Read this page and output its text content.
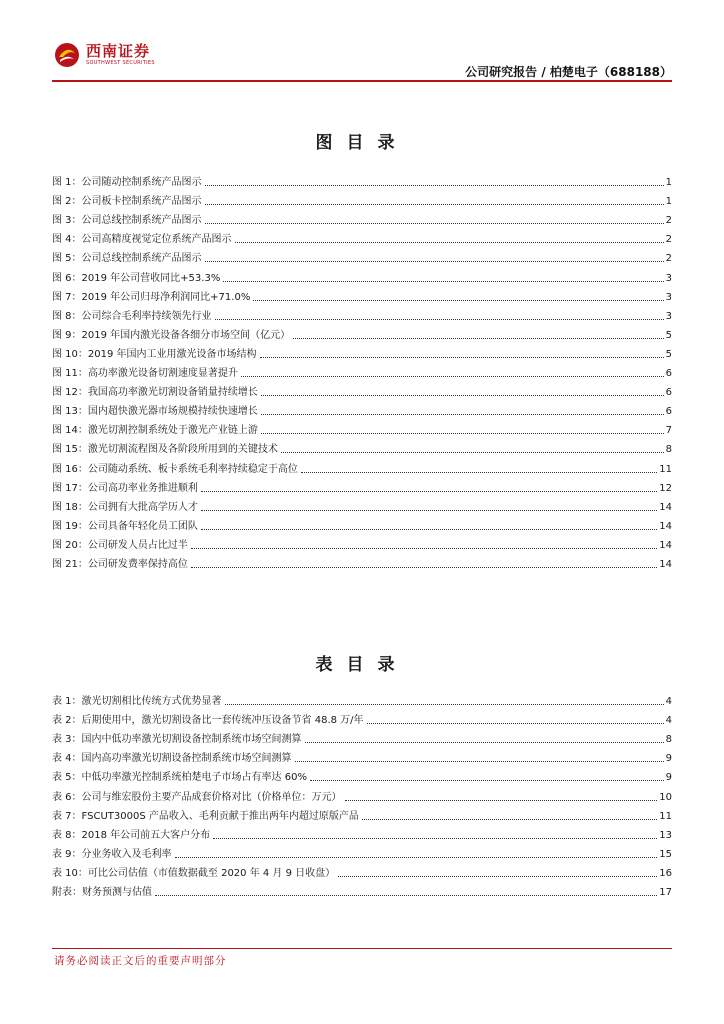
西南证券
SOUTHWEST SECURITIES
公司研究报告 / 柏楚电子（688188）
图目录
图 1：公司随动控制系统产品图示	1
图 2：公司板卡控制系统产品图示	1
图 3：公司总线控制系统产品图示	2
图 4：公司高精度视觉定位系统产品图示	2
图 5：公司总线控制系统产品图示	2
图 6：2019 年公司营收同比+53.3%	3
图 7：2019 年公司归母净利润同比+71.0%	3
图 8：公司综合毛利率持续领先行业	3
图 9：2019 年国内激光设备各细分市场空间（亿元）	5
图 10：2019 年国内工业用激光设备市场结构	5
图 11：高功率激光设备切割速度显著提升	6
图 12：我国高功率激光切割设备销量持续增长	6
图 13：国内超快激光器市场规模持续快速增长	6
图 14：激光切割控制系统处于激光产业链上游	7
图 15：激光切割流程图及各阶段所用到的关键技术	8
图 16：公司随动系统、板卡系统毛利率持续稳定于高位	11
图 17：公司高功率业务推进顺利	12
图 18：公司拥有大批高学历人才	14
图 19：公司具备年轻化员工团队	14
图 20：公司研发人员占比过半	14
图 21：公司研发费率保持高位	14
表目录
表 1：激光切割相比传统方式优势显著	4
表 2：后期使用中，激光切割设备比一套传统冲压设备节省 48.8 万/年	4
表 3：国内中低功率激光切割设备控制系统市场空间测算	8
表 4：国内高功率激光切割设备控制系统市场空间测算	9
表 5：中低功率激光控制系统柏楚电子市场占有率达 60%	9
表 6：公司与维宏股份主要产品成套价格对比（价格单位：万元）	10
表 7：FSCUT3000S 产品收入、毛利贡献于推出两年内超过原版产品	11
表 8：2018 年公司前五大客户分布	13
表 9：分业务收入及毛利率	15
表 10：可比公司估值（市值数据截至 2020 年 4 月 9 日收盘）	16
附表：财务预测与估值	17
请务必阅读正文后的重要声明部分
